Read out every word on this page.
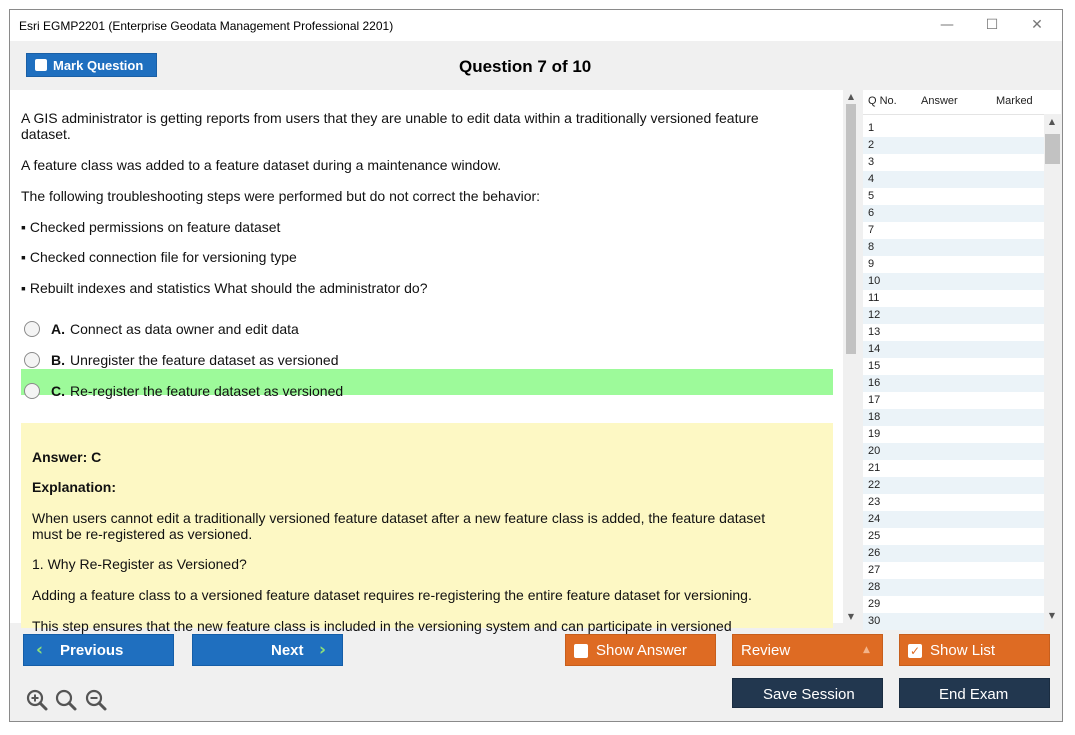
Esri EGMP2201 (Enterprise Geodata Management Professional 2201)	—	☐	✕
Mark Question	Question 7 of 10
A GIS administrator is getting reports from users that they are unable to edit data within a traditionally versioned feature
dataset.
A feature class was added to a feature dataset during a maintenance window.
The following troubleshooting steps were performed but do not correct the behavior:
▪ Checked permissions on feature dataset
▪ Checked connection file for versioning type
▪ Rebuilt indexes and statistics What should the administrator do?
A. Connect as data owner and edit data
B. Unregister the feature dataset as versioned
C. Re-register the feature dataset as versioned
Answer: C
Explanation:
When users cannot edit a traditionally versioned feature dataset after a new feature class is added, the feature dataset
must be re-registered as versioned.
1. Why Re-Register as Versioned?
Adding a feature class to a versioned feature dataset requires re-registering the entire feature dataset for versioning.
This step ensures that the new feature class is included in the versioning system and can participate in versioned
▲
▼
Q No. Answer	Marked
1
2
3
4
5
6
7
8
9
10
11
12
13
14
15
16
17
18
19
20
21
22
23
24
25
26
27
28
29
30
▲
▼
‹ Previous	Next ›	Show Answer	Review	▲	✓ Show List
Save Session	End Exam
